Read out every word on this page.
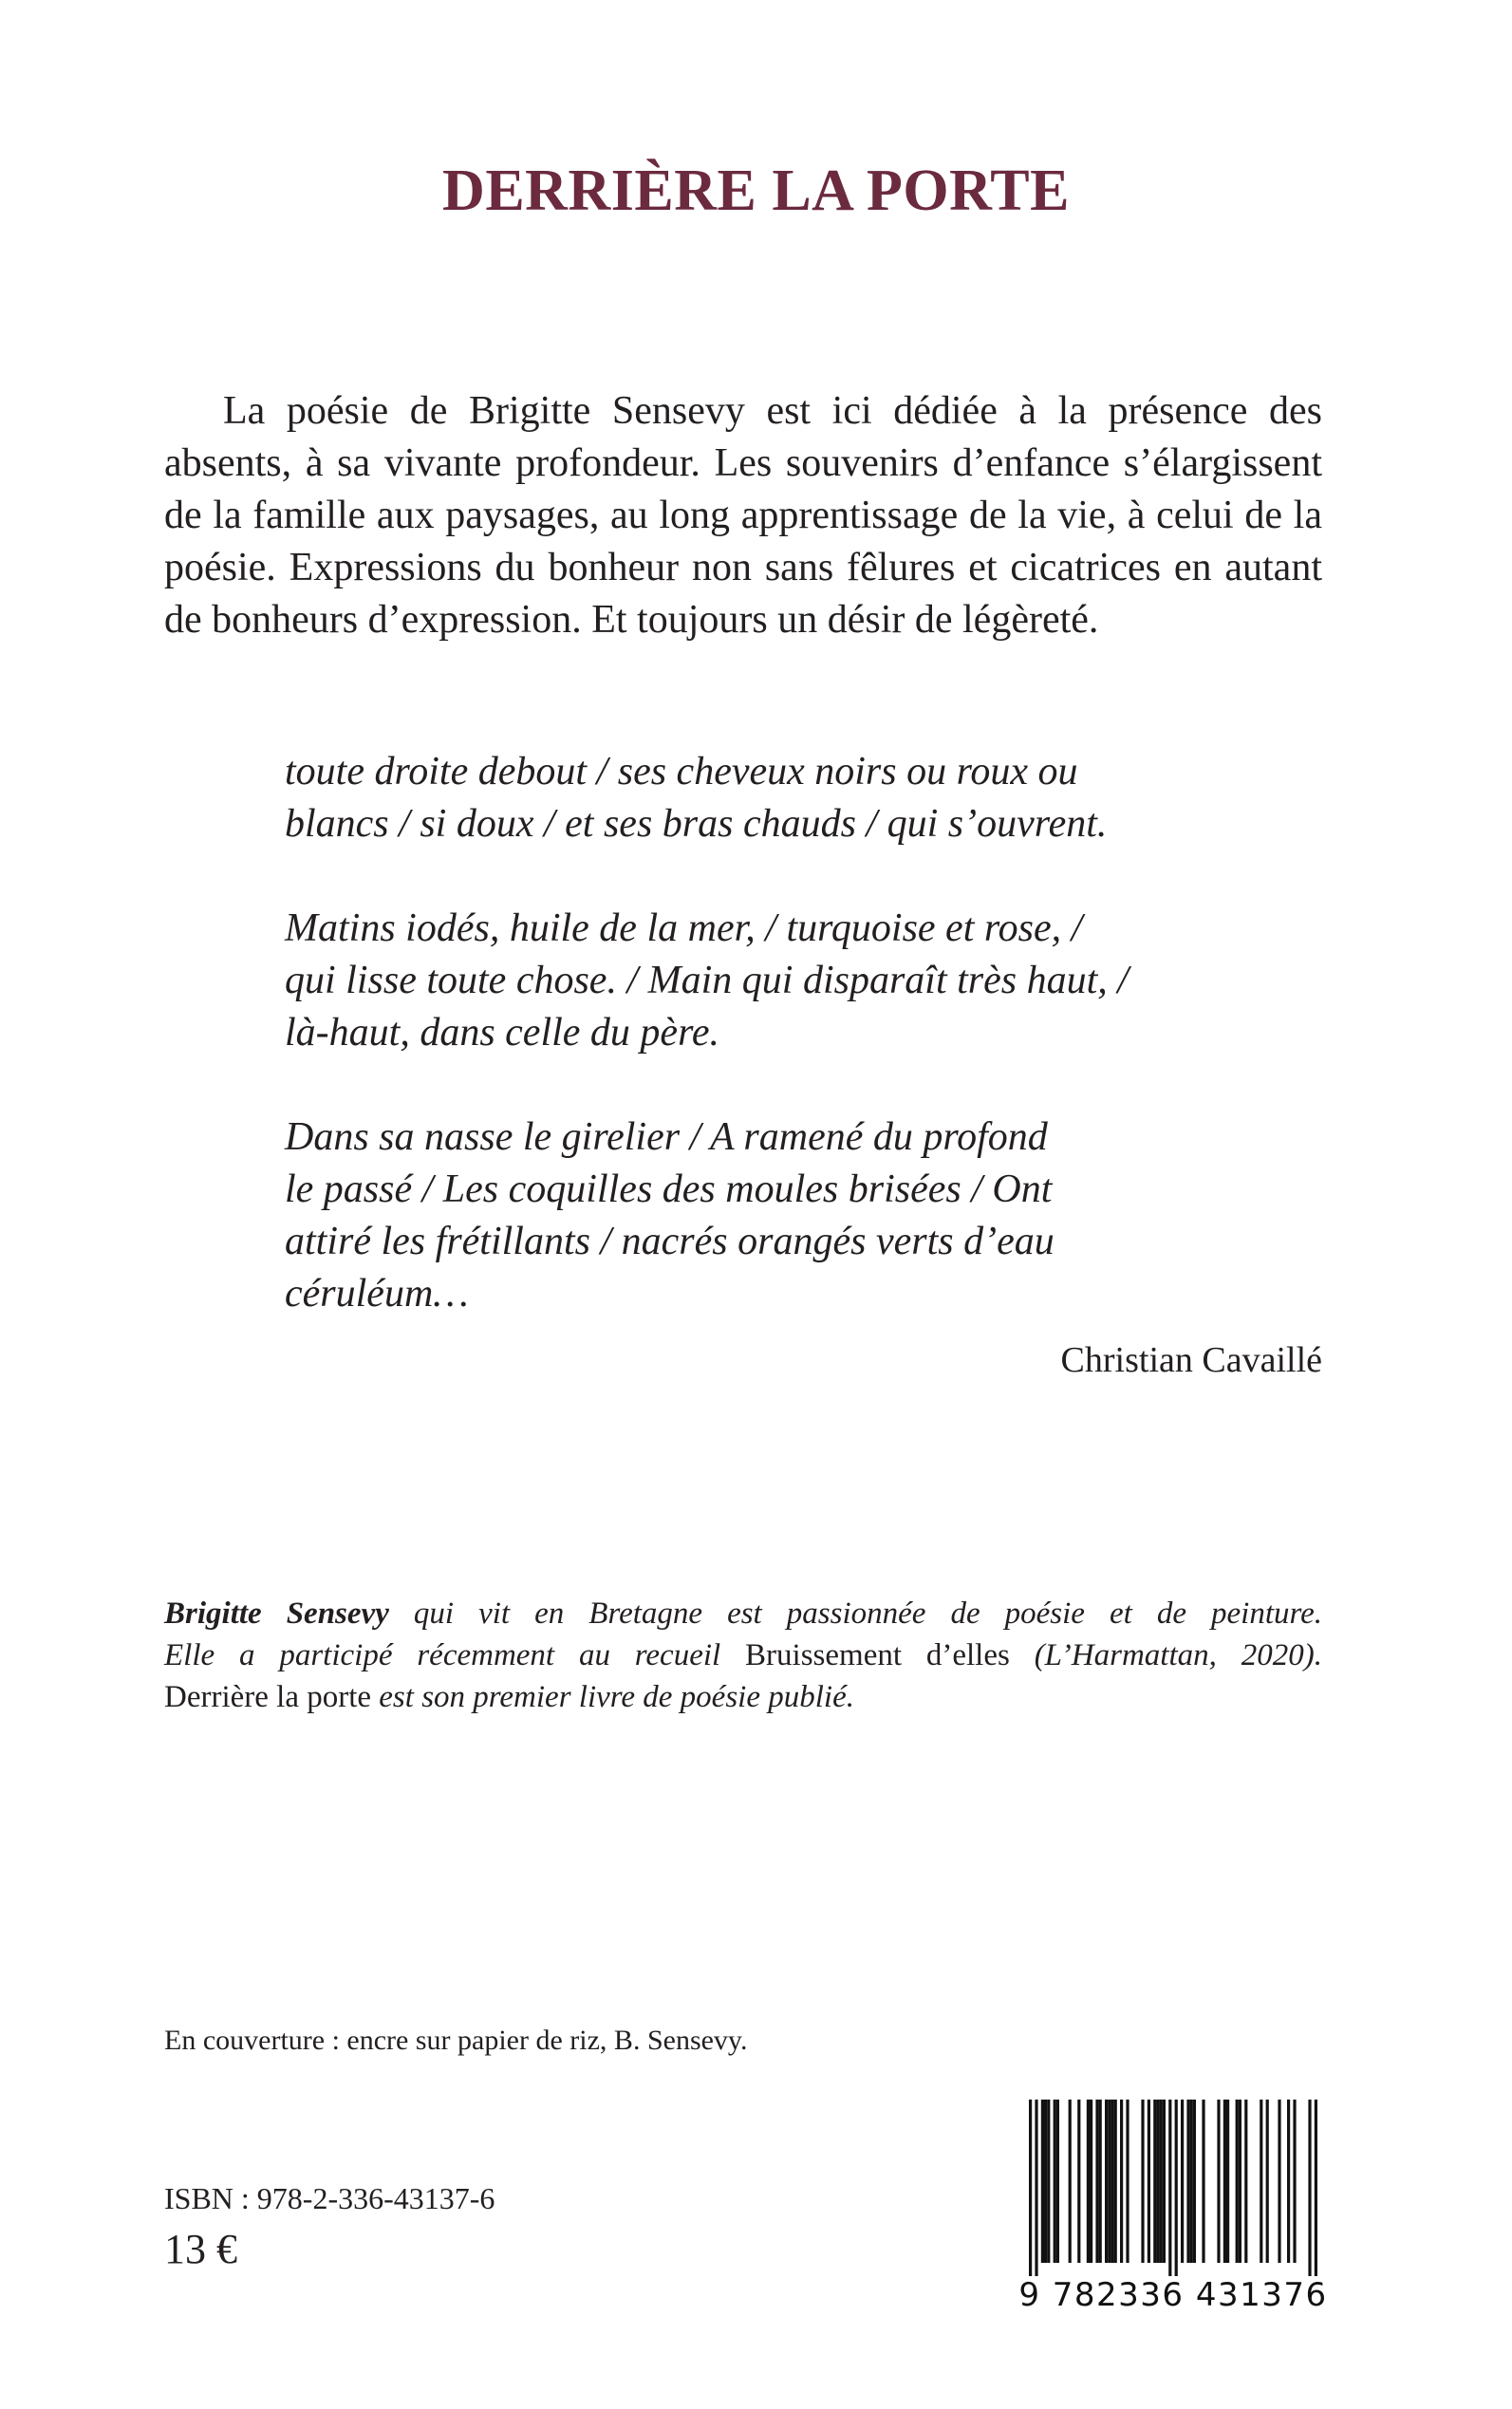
DERRIÈRE LA PORTE

La poésie de Brigitte Sensevy est ici dédiée à la présence des absents, à sa vivante profondeur. Les souvenirs d’enfance s’élargissent de la famille aux paysages, au long apprentissage de la vie, à celui de la poésie. Expressions du bonheur non sans fêlures et cicatrices en autant de bonheurs d’expression. Et toujours un désir de légèreté.

toute droite debout / ses cheveux noirs ou roux ou
blancs / si doux / et ses bras chauds / qui s’ouvrent.

Matins iodés, huile de la mer, / turquoise et rose, /
qui lisse toute chose. / Main qui disparaît très haut, /
là-haut, dans celle du père.

Dans sa nasse le girelier / A ramené du profond
le passé / Les coquilles des moules brisées / Ont
attiré les frétillants / nacrés orangés verts d’eau
céruléum…

Christian Cavaillé

Brigitte Sensevy qui vit en Bretagne est passionnée de poésie et de peinture.
Elle a participé récemment au recueil Bruissement d’elles (L’Harmattan, 2020).
Derrière la porte est son premier livre de poésie publié.

En couverture : encre sur papier de riz, B. Sensevy.

ISBN : 978-2-336-43137-6

13 €

9 782336 431376
